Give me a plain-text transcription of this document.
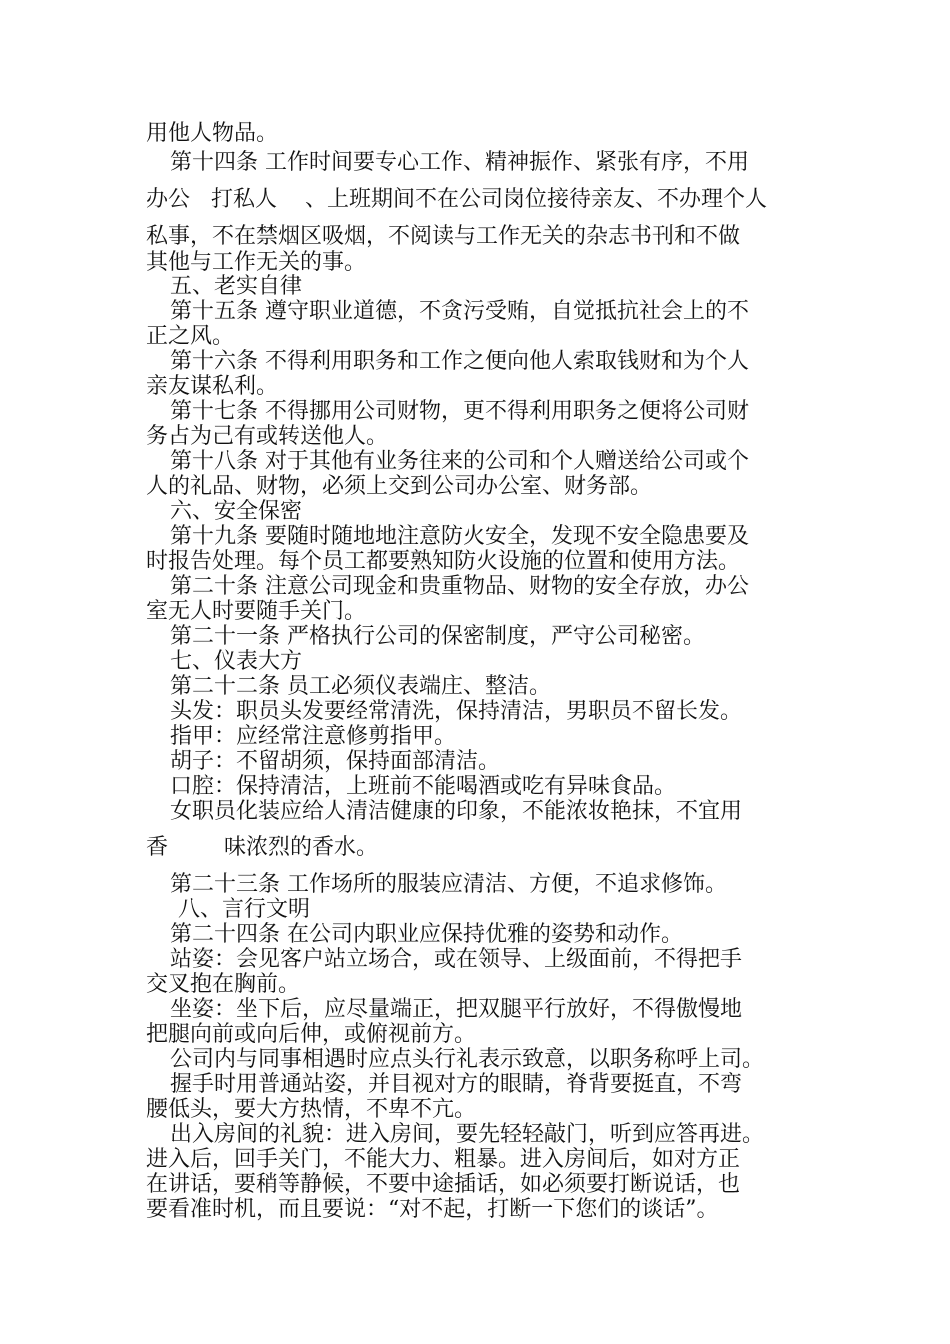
用他人物品。
第十四条 工作时间要专心工作、精神振作、紧张有序，不用
办公   打私人    、上班期间不在公司岗位接待亲友、不办理个人
私事，不在禁烟区吸烟，不阅读与工作无关的杂志书刊和不做
其他与工作无关的事。
五、老实自律
第十五条 遵守职业道德，不贪污受贿，自觉抵抗社会上的不
正之风。
第十六条 不得利用职务和工作之便向他人索取钱财和为个人
亲友谋私利。
第十七条 不得挪用公司财物，更不得利用职务之便将公司财
务占为己有或转送他人。
第十八条 对于其他有业务往来的公司和个人赠送给公司或个
人的礼品、财物，必须上交到公司办公室、财务部。
六、安全保密
第十九条 要随时随地地注意防火安全，发现不安全隐患要及
时报告处理。每个员工都要熟知防火设施的位置和使用方法。
第二十条 注意公司现金和贵重物品、财物的安全存放，办公
室无人时要随手关门。
第二十一条 严格执行公司的保密制度，严守公司秘密。
七、仪表大方
第二十二条 员工必须仪表端庄、整洁。
头发：职员头发要经常清洗，保持清洁，男职员不留长发。
指甲：应经常注意修剪指甲。
胡子：不留胡须，保持面部清洁。
口腔：保持清洁，上班前不能喝酒或吃有异味食品。
女职员化装应给人清洁健康的印象，不能浓妆艳抹，不宜用
香        味浓烈的香水。
第二十三条 工作场所的服装应清洁、方便，不追求修饰。
八、言行文明
第二十四条 在公司内职业应保持优雅的姿势和动作。
站姿：会见客户站立场合，或在领导、上级面前，不得把手
交叉抱在胸前。
坐姿：坐下后，应尽量端正，把双腿平行放好，不得傲慢地
把腿向前或向后伸，或俯视前方。
公司内与同事相遇时应点头行礼表示致意，以职务称呼上司。
握手时用普通站姿，并目视对方的眼睛，脊背要挺直，不弯
腰低头，要大方热情，不卑不亢。
出入房间的礼貌：进入房间，要先轻轻敲门，听到应答再进。
进入后，回手关门，不能大力、粗暴。进入房间后，如对方正
在讲话，要稍等静候，不要中途插话，如必须要打断说话，也
要看准时机，而且要说：“对不起，打断一下您们的谈话”。
